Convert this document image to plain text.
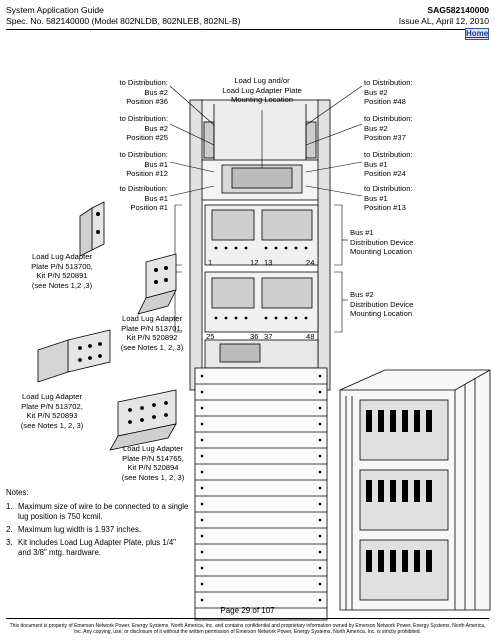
System Application Guide
Spec. No. 582140000 (Model 802NLDB, 802NLEB, 802NL-B)
SAG582140000
Issue AL, April 12, 2010
Home
1	12 13	24
25	36 37	48
to Distribution:
Bus #2
Position #36
to Distribution:
Bus #2
Position #25
to Distribution:
Bus #1
Position #12
to Distribution:
Bus #1
Position #1
Load Lug and/or
Load Lug Adapter Plate
Mounting Location
to Distribution:
Bus #2
Position #48
to Distribution:
Bus #2
Position #37
to Distribution:
Bus #1
Position #24
to Distribution:
Bus #1
Position #13
Bus #1
Distribution Device
Mounting Location
Bus #2
Distribution Device
Mounting Location
Load Lug Adapter
Plate P/N 513700,
Kit P/N 520891
(see Notes 1,2 ,3)
Load Lug Adapter
Plate P/N 513701,
Kit P/N 520892
(see Notes 1, 2, 3)
Load Lug Adapter
Plate P/N 513702,
Kit P/N 520893
(see Notes 1, 2, 3)
Load Lug Adapter
Plate P/N 514765,
Kit P/N 520894
(see Notes 1, 2, 3)
Notes:
1. Maximum size of wire to be connected to a single lug position is 750 kcmil.
2. Maximum lug width is 1.937 inches.
3. Kit includes Load Lug Adapter Plate, plus 1/4" and 3/8" mtg. hardware.
Page 29 of 107
This document is property of Emerson Network Power, Energy Systems, North America, Inc. and contains confidential and proprietary information owned by Emerson Network Power, Energy Systems, North America, Inc. Any copying, use, or disclosure of it without the written permission of Emerson Network Power, Energy Systems, North America, Inc. is strictly prohibited.
